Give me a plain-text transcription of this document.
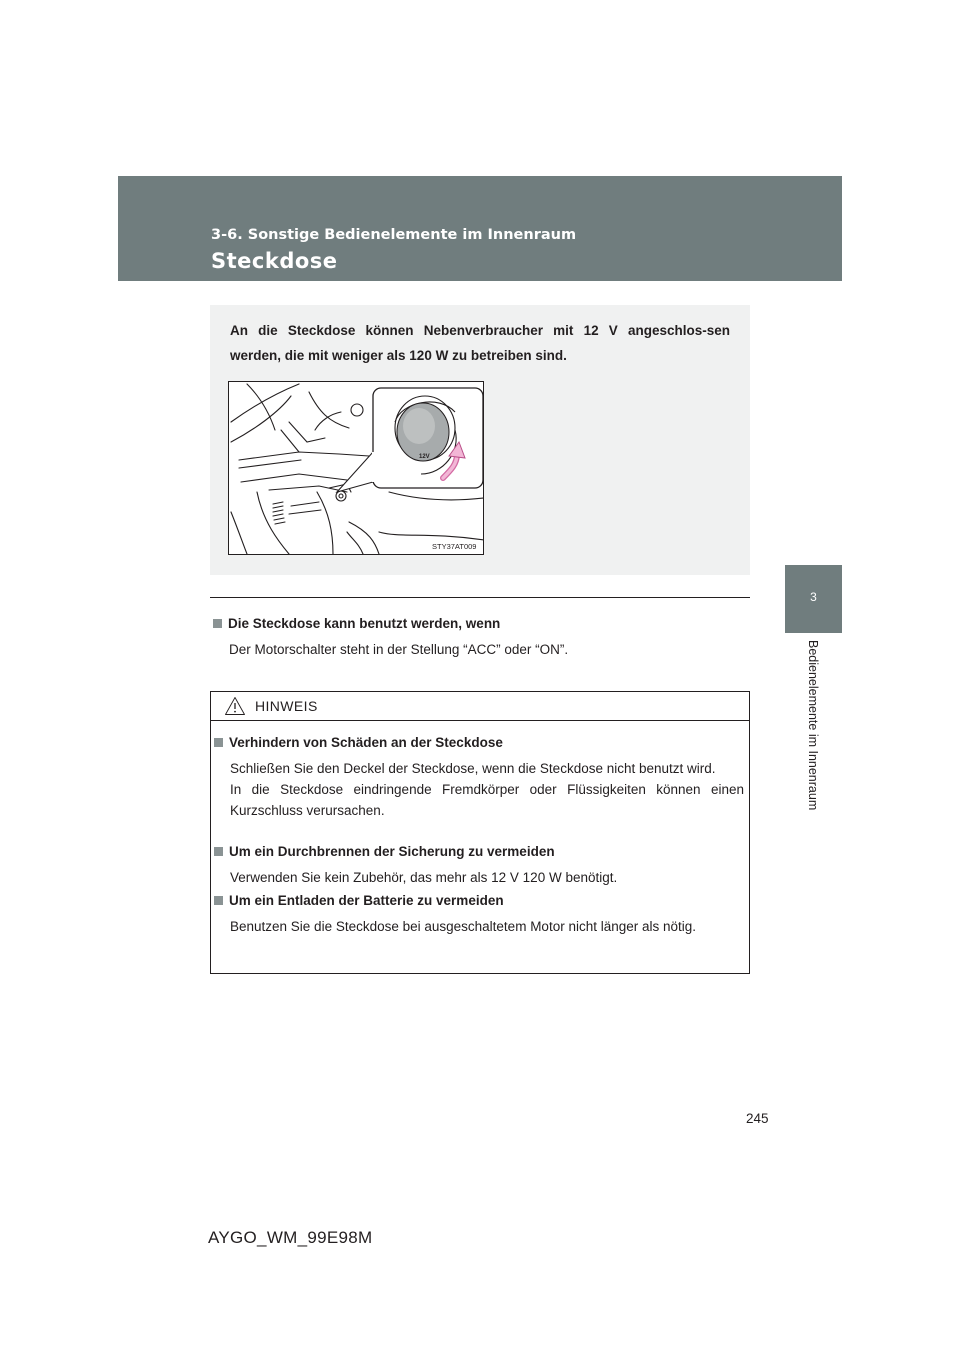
3-6. Sonstige Bedienelemente im Innenraum
Steckdose
3
Bedienelemente im Innenraum
An die Steckdose können Nebenverbraucher mit 12 V angeschlos-sen werden, die mit weniger als 120 W zu betreiben sind.
12V
STY37AT009
Die Steckdose kann benutzt werden, wenn
Der Motorschalter steht in der Stellung “ACC” oder “ON”.
HINWEIS
Verhindern von Schäden an der Steckdose

Schließen Sie den Deckel der Steckdose, wenn die Steckdose nicht benutzt wird.

In die Steckdose eindringende Fremdkörper oder Flüssigkeiten können einen Kurzschluss verursachen.

Um ein Durchbrennen der Sicherung zu vermeiden

Verwenden Sie kein Zubehör, das mehr als 12 V 120 W benötigt.

Um ein Entladen der Batterie zu vermeiden

Benutzen Sie die Steckdose bei ausgeschaltetem Motor nicht länger als nötig.

245
AYGO_WM_99E98M
